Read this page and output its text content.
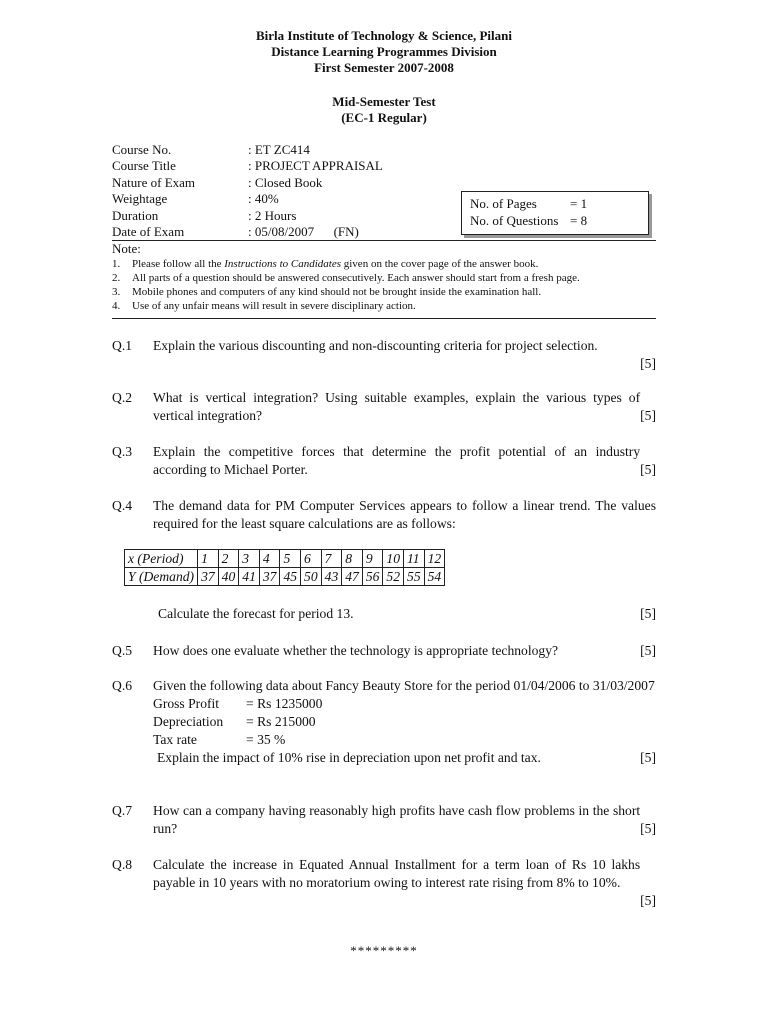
Birla Institute of Technology & Science, Pilani
Distance Learning Programmes Division
First Semester 2007-2008
Mid-Semester Test
(EC-1 Regular)
Course No.	: ET ZC414
Course Title	: PROJECT APPRAISAL
Nature of Exam	: Closed Book
Weightage	: 40%
Duration	: 2 Hours
Date of Exam	: 05/08/2007      (FN)
No. of Pages	= 1
No. of Questions = 8
Note:
1.	Please follow all the Instructions to Candidates given on the cover page of the answer book.
2.	All parts of a question should be answered consecutively. Each answer should start from a fresh page.
3.	Mobile phones and computers of any kind should not be brought inside the examination hall.
4.	Use of any unfair means will result in severe disciplinary action.
Q.1 Explain the various discounting and non-discounting criteria for project selection.
[5]
Q.2
[5]
What is vertical integration? Using suitable examples, explain the various types of vertical integration?
Q.3
[5]
Explain the competitive forces that determine the profit potential of an industry according to Michael Porter.
Q.4 The demand data for PM Computer Services appears to follow a linear trend. The values required for the least square calculations are as follows:
x (Period)	1	2	3	4	5	6	7	8	9	10	11	12
Y (Demand)	37	40	41	37	45	50	43	47	56	52	55	54
[5]
Calculate the forecast for period 13.
Q.5	[5]
How does one evaluate whether the technology is appropriate technology?
Q.6 Given the following data about Fancy Beauty Store for the period 01/04/2006 to 31/03/2007
Gross Profit	= Rs 1235000
Depreciation	= Rs 215000
Tax rate	= 35 %
[5]
Explain the impact of 10% rise in depreciation upon net profit and tax.
Q.7
[5]
How can a company having reasonably high profits have cash flow problems in the short run?
Q.8
[5]
Calculate the increase in Equated Annual Installment for a term loan of Rs 10 lakhs payable in 10 years with no moratorium owing to interest rate rising from 8% to 10%.
*********
